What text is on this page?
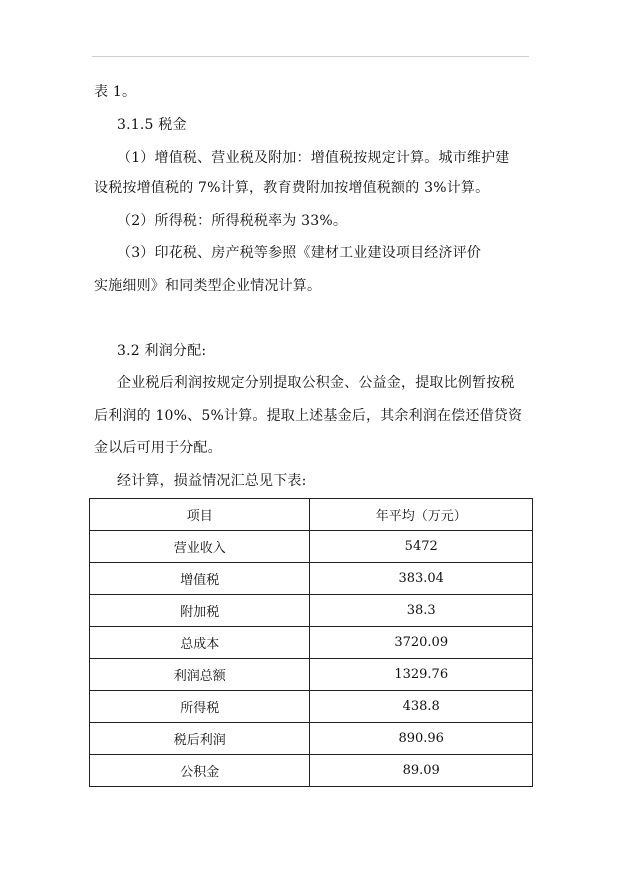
表 1。
3.1.5 税金
（1）增值税、营业税及附加：增值税按规定计算。城市维护建
设税按增值税的 7%计算，教育费附加按增值税额的 3%计算。
（2）所得税：所得税税率为 33%。
（3）印花税、房产税等参照《建材工业建设项目经济评价
实施细则》和同类型企业情况计算。
3.2 利润分配:
企业税后利润按规定分别提取公积金、公益金，提取比例暂按税
后利润的 10%、5%计算。提取上述基金后，其余利润在偿还借贷资
金以后可用于分配。
经计算，损益情况汇总见下表:
项目	年平均（万元）
营业收入	5472
增值税	383.04
附加税	38.3
总成本	3720.09
利润总额	1329.76
所得税	438.8
税后利润	890.96
公积金	89.09
